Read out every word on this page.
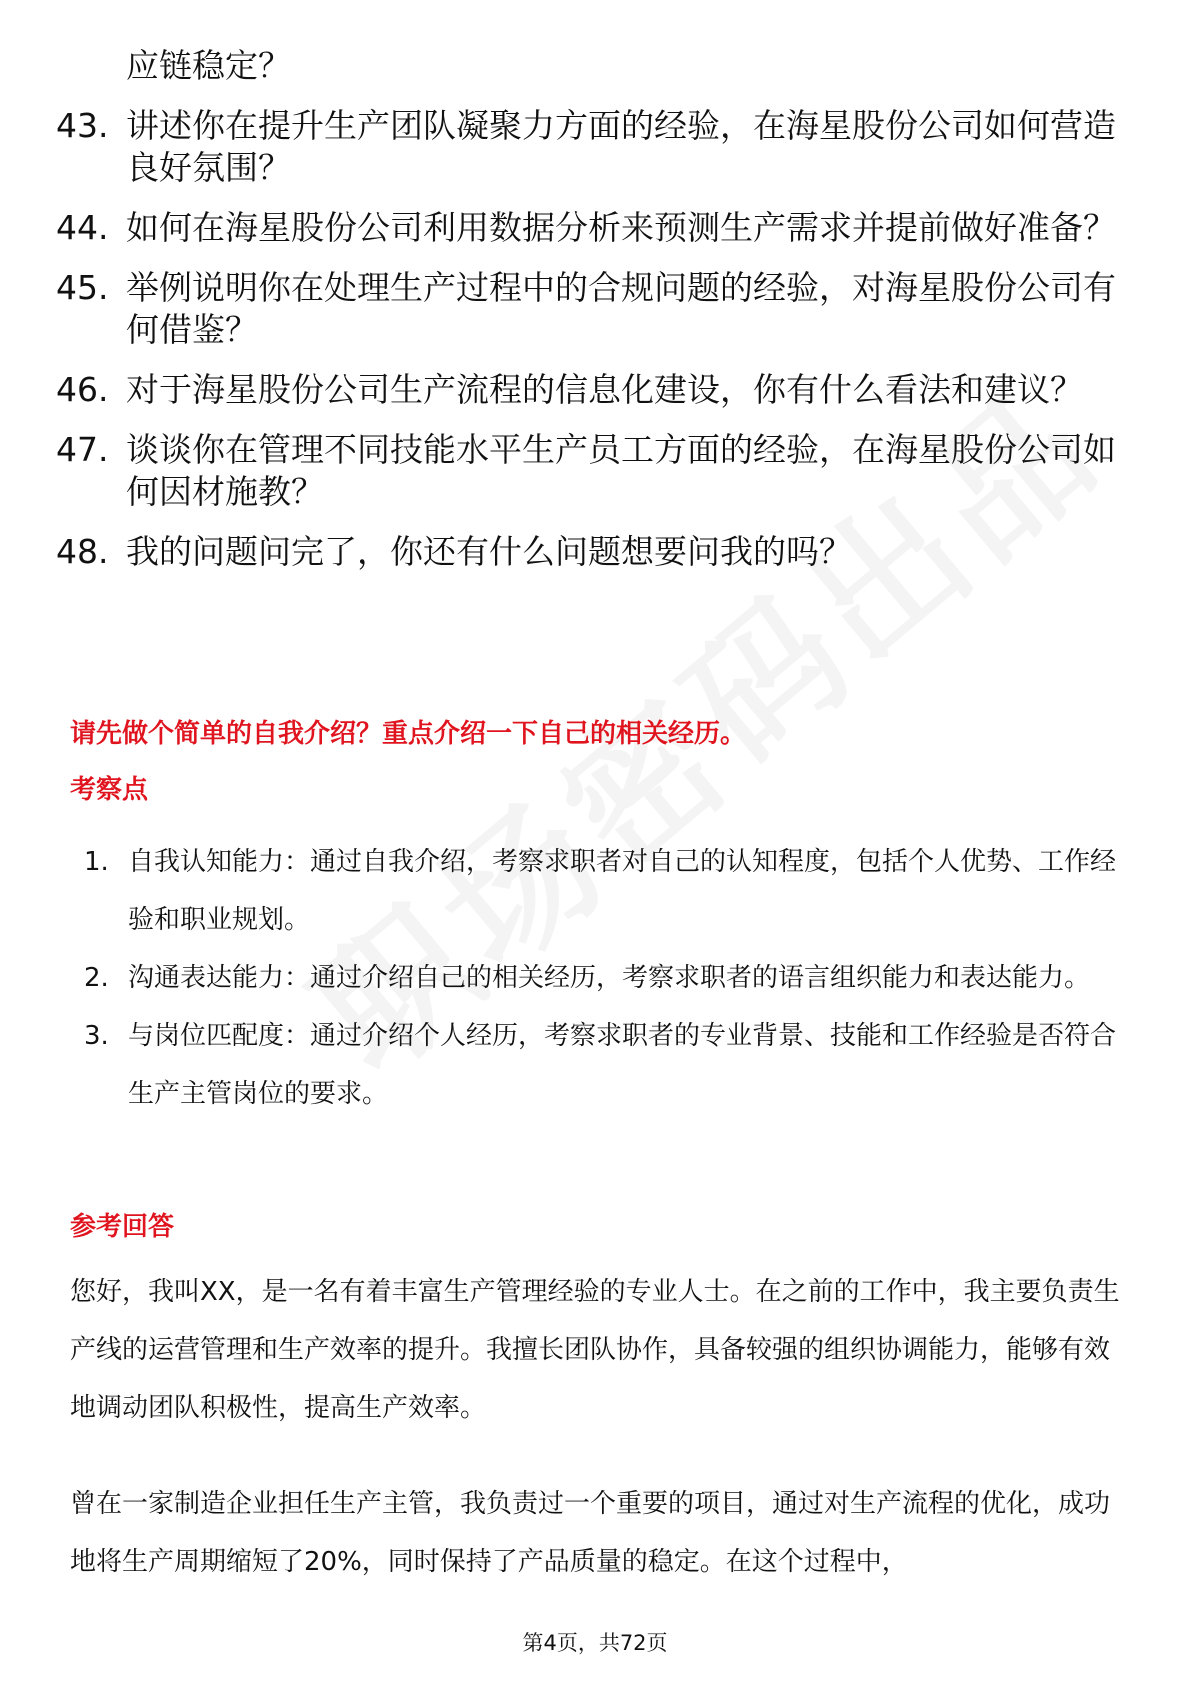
应链稳定？
43. 讲述你在提升生产团队凝聚力方面的经验，在海星股份公司如何营造良好氛围？
44. 如何在海星股份公司利用数据分析来预测生产需求并提前做好准备？
45. 举例说明你在处理生产过程中的合规问题的经验，对海星股份公司有何借鉴？
46. 对于海星股份公司生产流程的信息化建设，你有什么看法和建议？
47. 谈谈你在管理不同技能水平生产员工方面的经验，在海星股份公司如何因材施教？
48. 我的问题问完了，你还有什么问题想要问我的吗？
请先做个简单的自我介绍？重点介绍一下自己的相关经历。
考察点
1. 自我认知能力：通过自我介绍，考察求职者对自己的认知程度，包括个人优势、工作经验和职业规划。
2. 沟通表达能力：通过介绍自己的相关经历，考察求职者的语言组织能力和表达能力。
3. 与岗位匹配度：通过介绍个人经历，考察求职者的专业背景、技能和工作经验是否符合生产主管岗位的要求。
参考回答

您好，我叫XX，是一名有着丰富生产管理经验的专业人士。在之前的工作中，我主要负责生产线的运营管理和生产效率的提升。我擅长团队协作，具备较强的组织协调能力，能够有效地调动团队积极性，提高生产效率。

曾在一家制造企业担任生产主管，我负责过一个重要的项目，通过对生产流程的优化，成功地将生产周期缩短了20%，同时保持了产品质量的稳定。在这个过程中，

第4页，共72页
